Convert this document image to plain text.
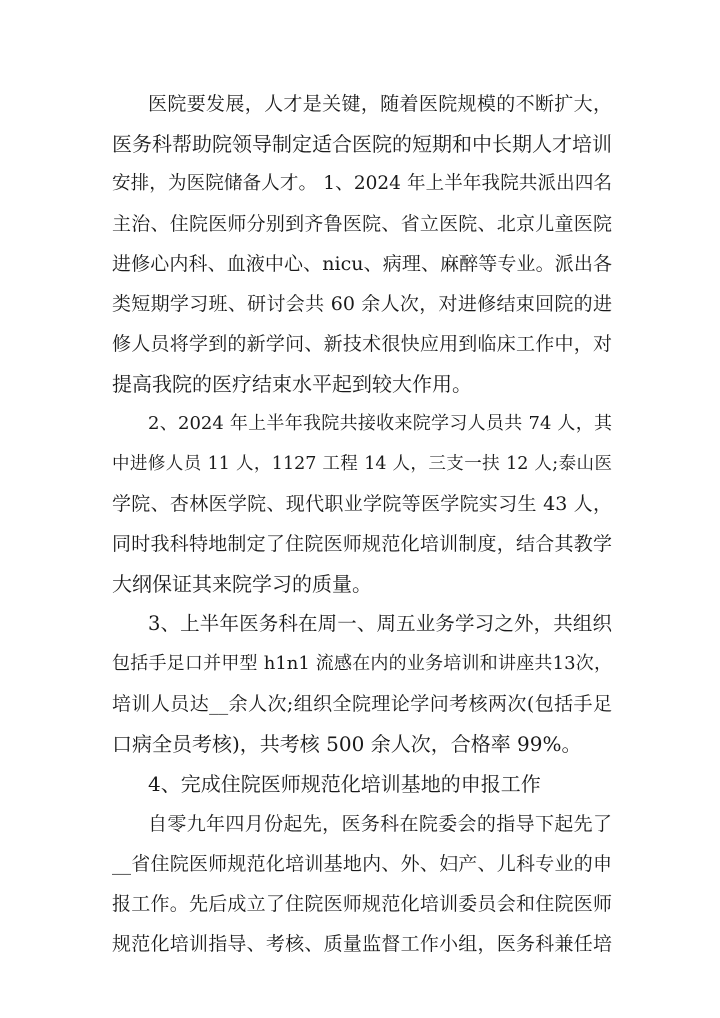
医院要发展，人才是关键，随着医院规模的不断扩大，
医务科帮助院领导制定适合医院的短期和中长期人才培训
安排，为医院储备人才。 1、2024 年上半年我院共派出四名
主治、住院医师分别到齐鲁医院、省立医院、北京儿童医院
进修心内科、血液中心、nicu、病理、麻醉等专业。派出各
类短期学习班、研讨会共 60 余人次，对进修结束回院的进
修人员将学到的新学问、新技术很快应用到临床工作中，对
提高我院的医疗结束水平起到较大作用。
2、2024 年上半年我院共接收来院学习人员共 74 人，其
中进修人员 11 人，1127 工程 14 人，三支一扶 12 人;泰山医
学院、杏林医学院、现代职业学院等医学院实习生 43 人，
同时我科特地制定了住院医师规范化培训制度，结合其教学
大纲保证其来院学习的质量。
3、上半年医务科在周一、周五业务学习之外，共组织
包括手足口并甲型 h1n1 流感在内的业务培训和讲座共13次，
培训人员达__余人次;组织全院理论学问考核两次(包括手足
口病全员考核)，共考核 500 余人次，合格率 99%。
4、完成住院医师规范化培训基地的申报工作
自零九年四月份起先，医务科在院委会的指导下起先了
__省住院医师规范化培训基地内、外、妇产、儿科专业的申
报工作。先后成立了住院医师规范化培训委员会和住院医师
规范化培训指导、考核、质量监督工作小组，医务科兼任培
